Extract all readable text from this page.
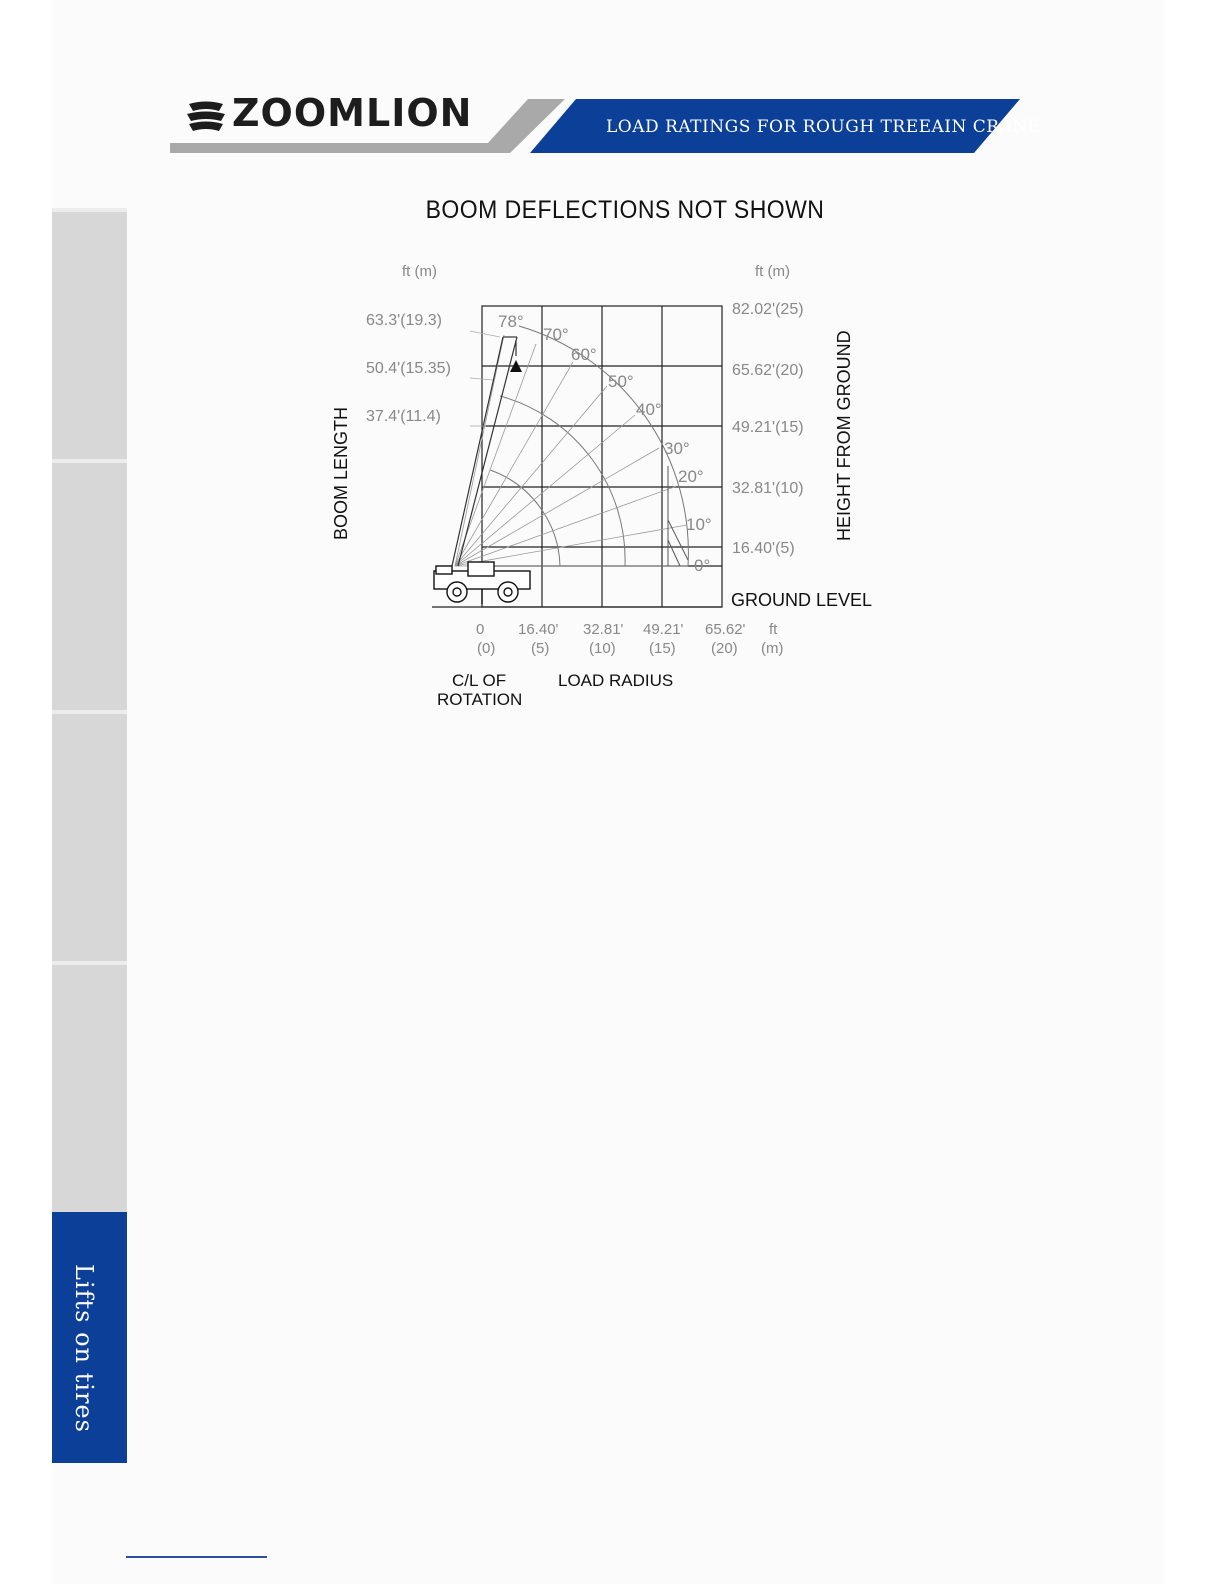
Lifts on tires
ZOOMLION	LOAD RATINGS FOR ROUGH TREEAIN CRANE
BOOM DEFLECTIONS NOT SHOWN
ft (m)
63.3'(19.3)
50.4'(15.35)
37.4'(11.4)
BOOM LENGTH
ft (m)
82.02'(25)
65.62'(20)
49.21'(15)
32.81'(10)
16.40'(5)
HEIGHT FROM GROUND
GROUND LEVEL
78°
70°
60°
50°
40°
30°
20°
10°
0°
0 16.40' 32.81' 49.21' 65.62' ft
(0) (5)	(10) (15) (20) (m)
C/L OF
ROTATION
LOAD RADIUS
